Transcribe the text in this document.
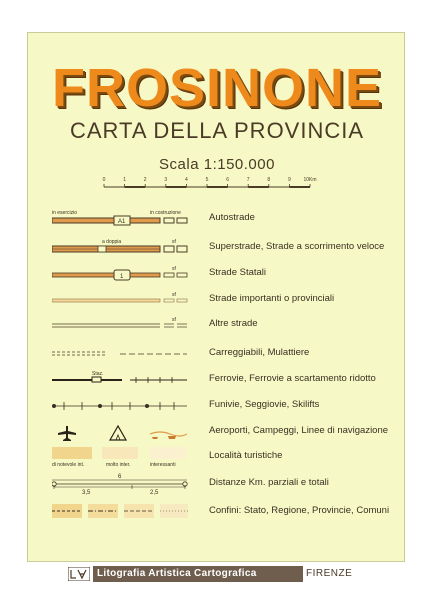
FROSINONE
CARTA DELLA PROVINCIA
Scala 1:150.000
0	1	2	3	4	5	6	7	8	9	10Km
in esercizio	in costruzione
A1	Autostrade
a doppia	sf	Superstrade, Strade a scorrimento veloce
sf
1	Strade Statali
sf	Strade importanti o provinciali
sf	Altre strade
Carreggiabili, Mulattiere
Staz.	Ferrovie, Ferrovie a scartamento ridotto
Funivie, Seggiovie, Skilifts
Aeroporti, Campeggi, Linee di navigazione
di notevole int.	molto inter.	interessanti
Località turistiche
6
3,5	2,5
Distanze Km. parziali e totali
Confini: Stato, Regione, Provincie, Comuni
Litografia Artistica Cartografica	FIRENZE
